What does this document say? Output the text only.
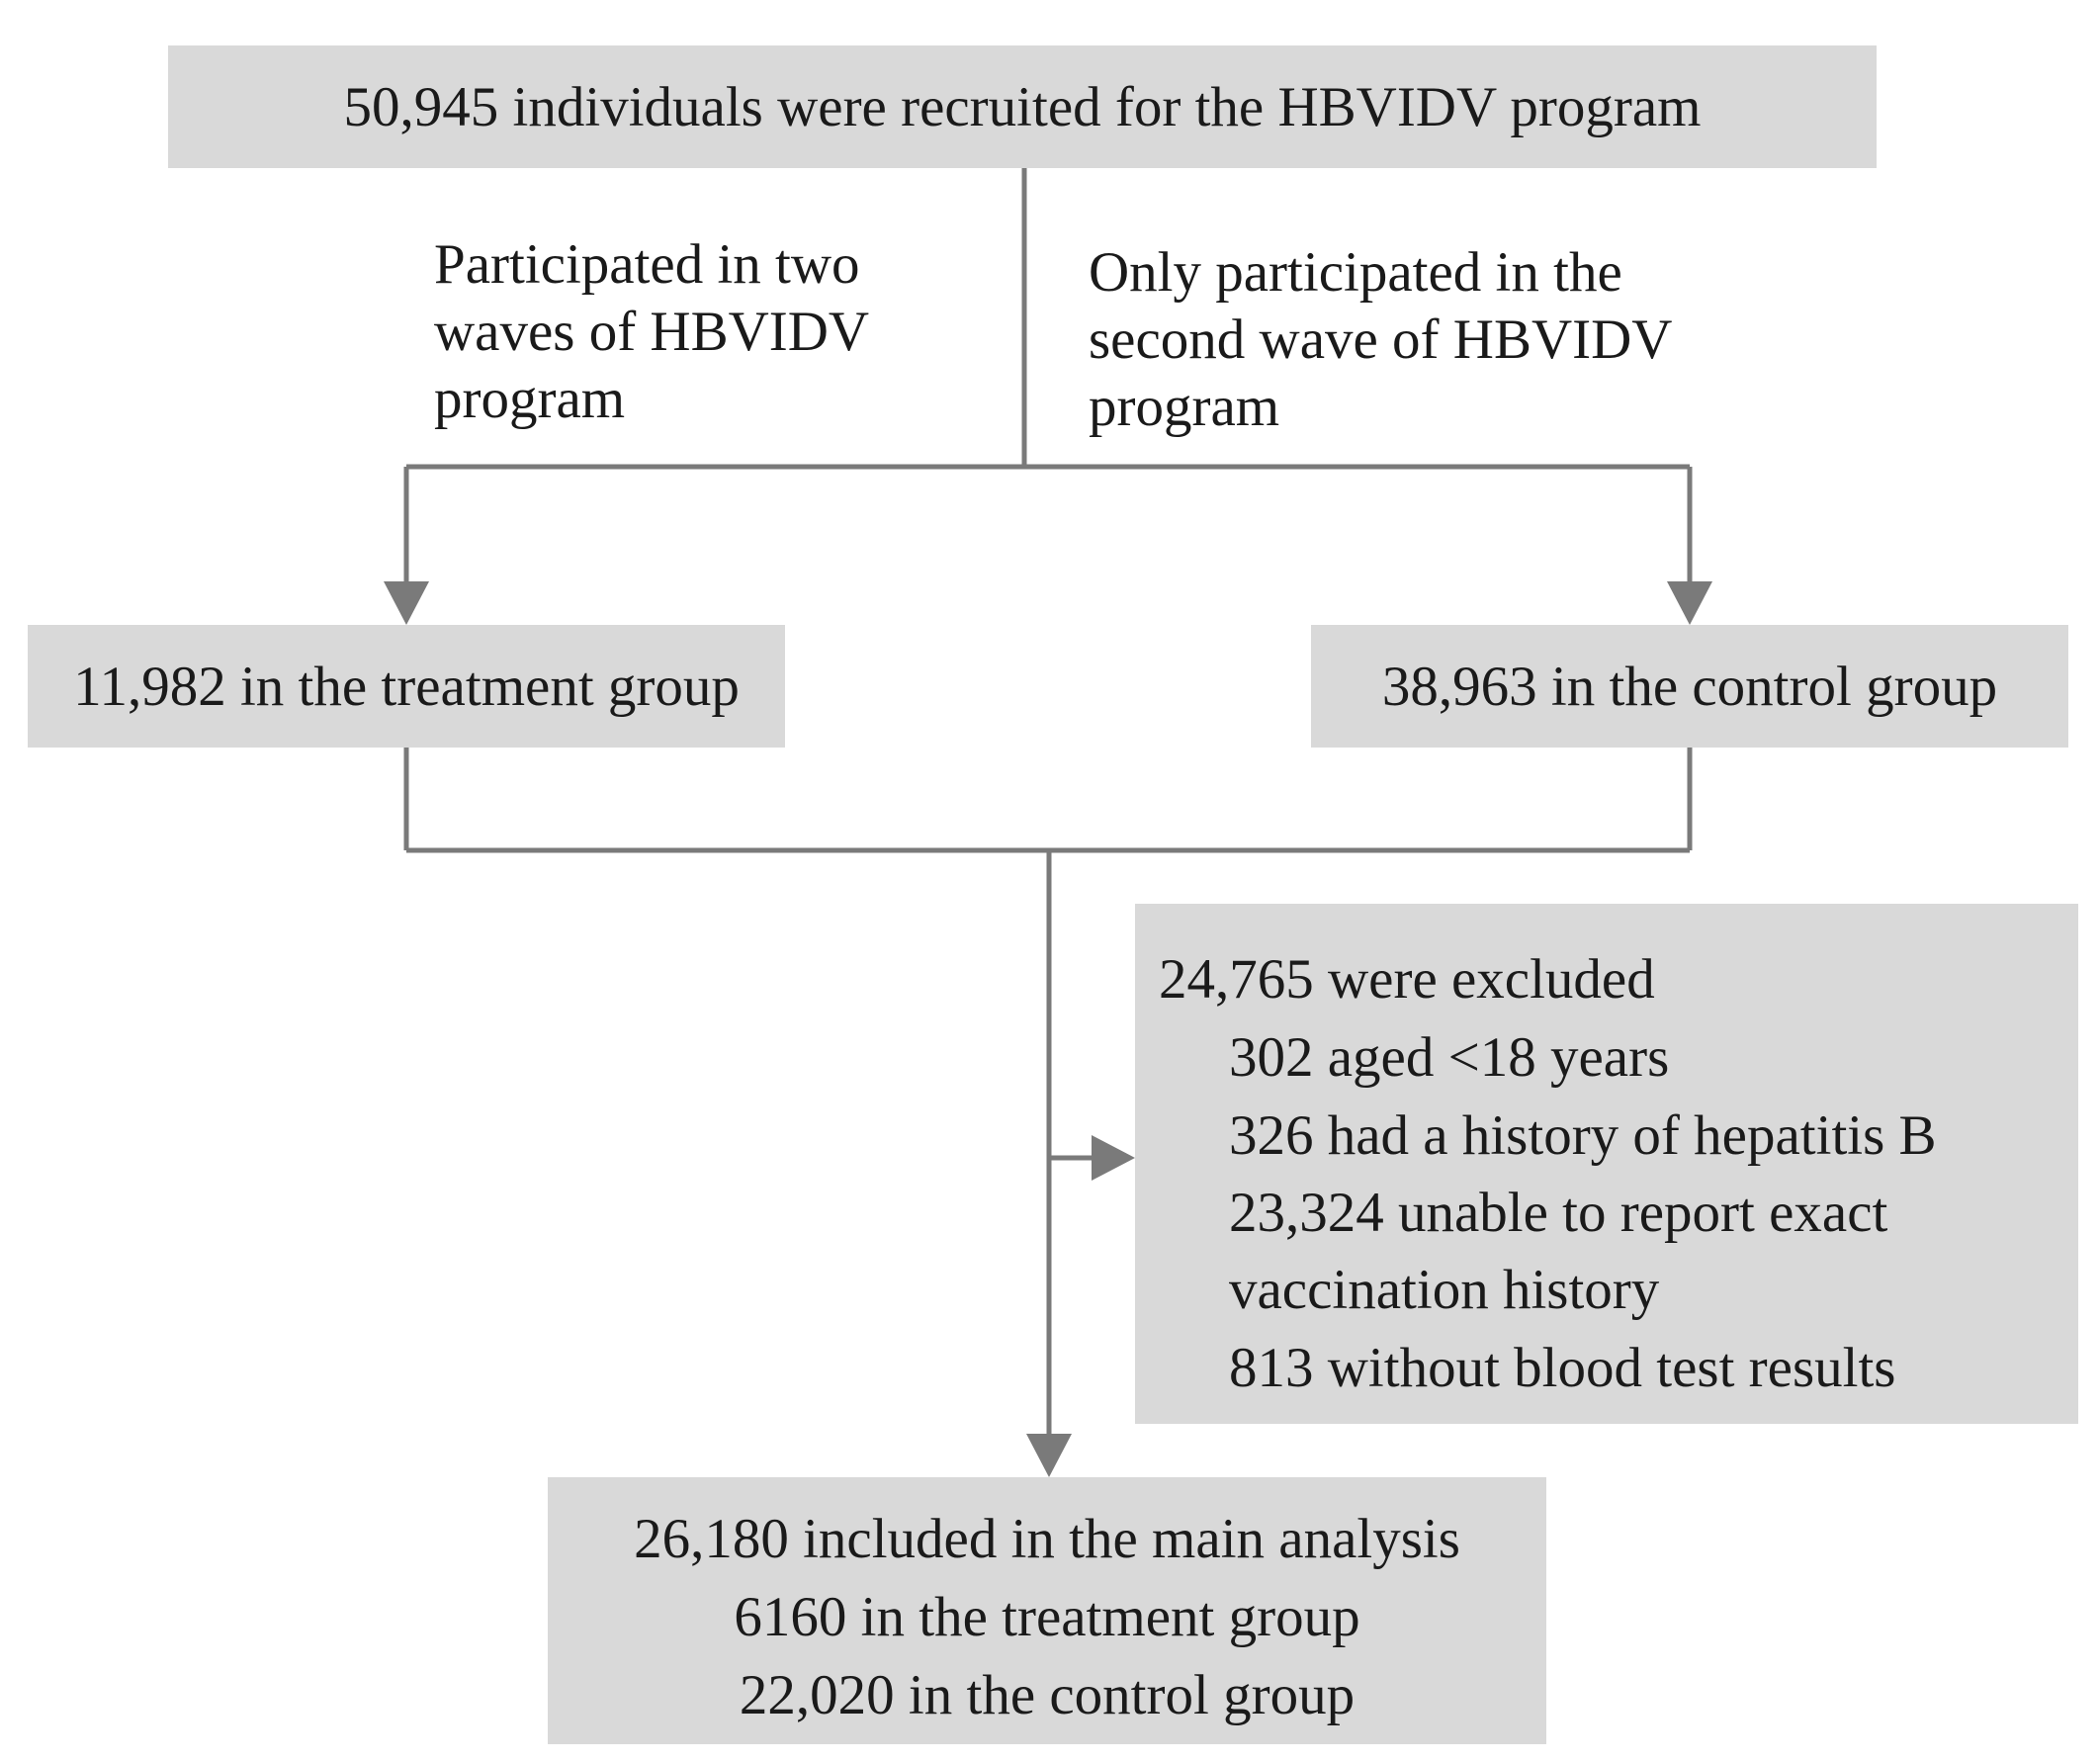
50,945 individuals were recruited for the HBVIDV program
Participated in two
waves of HBVIDV
program
Only participated in the
second wave of HBVIDV
program
11,982 in the treatment group	38,963 in the control group
24,765 were excluded
302 aged <18 years
326 had a history of hepatitis B
23,324 unable to report exact
vaccination history
813 without blood test results
26,180 included in the main analysis
6160 in the treatment group
22,020 in the control group
